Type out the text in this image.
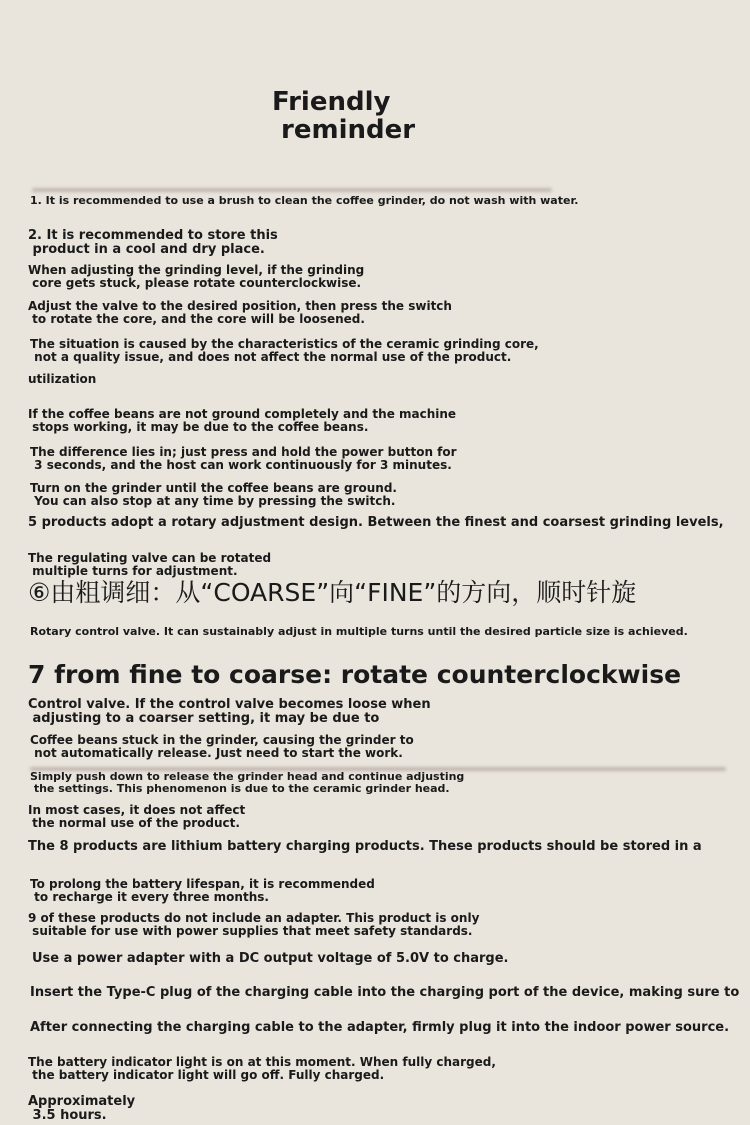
Friendly
reminder
1. It is recommended to use a brush to clean the coffee grinder, do not wash with water.
2. It is recommended to store this
product in a cool and dry place.
When adjusting the grinding level, if the grinding
core gets stuck, please rotate counterclockwise.
Adjust the valve to the desired position, then press the switch
to rotate the core, and the core will be loosened.
The situation is caused by the characteristics of the ceramic grinding core,
not a quality issue, and does not affect the normal use of the product.
utilization
If the coffee beans are not ground completely and the machine
stops working, it may be due to the coffee beans.
The difference lies in; just press and hold the power button for
3 seconds, and the host can work continuously for 3 minutes.
Turn on the grinder until the coffee beans are ground.
You can also stop at any time by pressing the switch.
5 products adopt a rotary adjustment design. Between the finest and coarsest grinding levels,
The regulating valve can be rotated
multiple turns for adjustment.
⑥由粗调细：从“COARSE”向“FINE”的方向，顺时针旋
Rotary control valve. It can sustainably adjust in multiple turns until the desired particle size is achieved.
7 from fine to coarse: rotate counterclockwise
Control valve. If the control valve becomes loose when
adjusting to a coarser setting, it may be due to
Coffee beans stuck in the grinder, causing the grinder to
not automatically release. Just need to start the work.
Simply push down to release the grinder head and continue adjusting
the settings. This phenomenon is due to the ceramic grinder head.
In most cases, it does not affect
the normal use of the product.
The 8 products are lithium battery charging products. These products should be stored in a
To prolong the battery lifespan, it is recommended
to recharge it every three months.
9 of these products do not include an adapter. This product is only
suitable for use with power supplies that meet safety standards.
Use a power adapter with a DC output voltage of 5.0V to charge.
Insert the Type-C plug of the charging cable into the charging port of the device, making sure to
After connecting the charging cable to the adapter, firmly plug it into the indoor power source.
The battery indicator light is on at this moment. When fully charged,
the battery indicator light will go off. Fully charged.
Approximately
3.5 hours.
